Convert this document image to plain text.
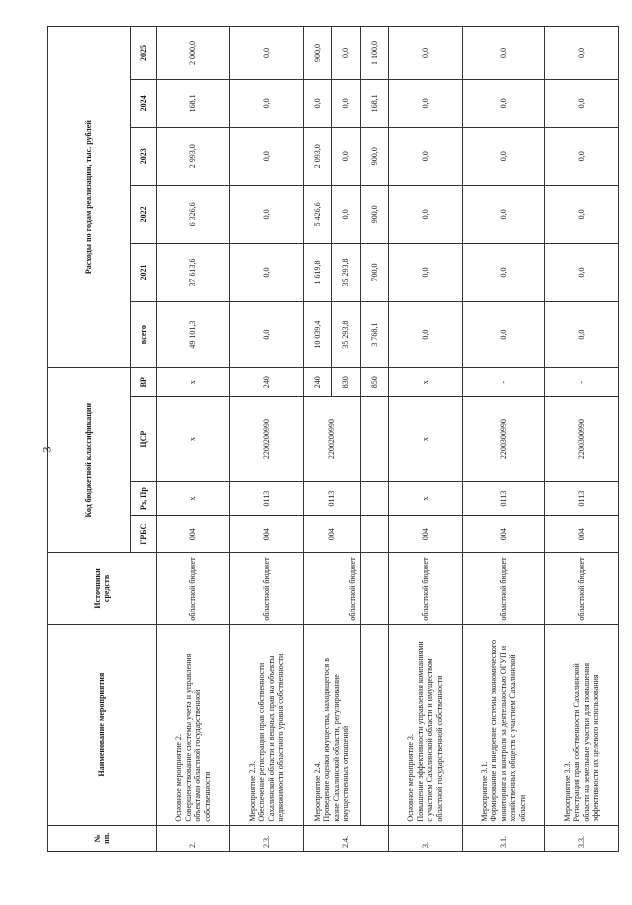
3
№ пп.	Наименование мероприятия	Источники средств	Код бюджетной классификации				Расходы по годам реализации, тыс. рублей					
			ГРБС	Рз, Пр	ЦСР	ВР	всего	2021	2022	2023	2024	2025
2.	Основное мероприятие 2. Совершенствование системы учета и управления объектами областной государственной собственности	областной бюджет	004	х	х	х	49 101,3	37 613,6	6 326,6	2 993,0	168,1	2 000,0
2.3.	Мероприятие 2.3. Обеспечение регистрации прав собственности Сахалинской области и вещных прав на объекты недвижимости областного уровня собственности	областной бюджет	004	0113	2200200990	240	0,0	0,0	0,0	0,0	0,0	0,0
2.4.	Мероприятие 2.4. Проведение оценки имущества, находящегося в казне Сахалинской области, регулирование имущественных отношений	областной бюджет	004	0113	2200200990	240	10 039,4	1 619,8	5 426,6	2 093,0	0,0	900,0
						830	35 293,8	35 293,8	0,0	0,0	0,0	0,0
						850	3 768,1	700,0	900,0	900,0	168,1	1 100,0
3.	Основное мероприятие 3. Повышение эффективности управления компаниями с участием Сахалинской области и имуществом областной государственной собственности	областной бюджет	004	х	х	х	0,0	0,0	0,0	0,0	0,0	0,0
3.1.	Мероприятие 3.1. Формирование и внедрение системы экономического мониторинга и контроля за деятельностью ОГУП и хозяйственных обществ с участием Сахалинской области	областной бюджет	004	0113	2200300990	-	0,0	0,0	0,0	0,0	0,0	0,0
3.3.	Мероприятие 3.3. Регистрация прав собственности Сахалинской области на земельные участки для повышения эффективности их целевого использования	областной бюджет	004	0113	2200300990	-	0,0	0,0	0,0	0,0	0,0	0,0
